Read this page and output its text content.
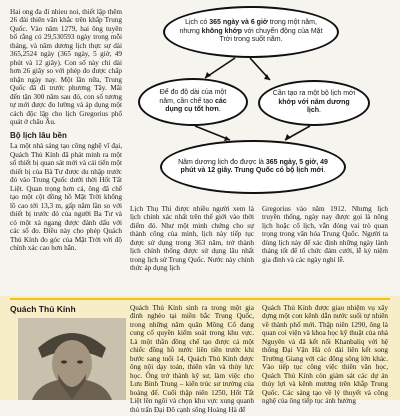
Hai ong đa đi nhieu noi, thiết lập thêm 26 đài thiên văn khắc trên khắp Trung Quốc. Vào năm 1279, hai ông tuyên bố rằng có 29,530593 ngày trong mỗi tháng, và năm dương lịch thực sự dài 365,2524 ngày (365 ngày, 5 giờ, 49 phút và 12 giây). Con số này chỉ dài hơn 26 giây so với phép đo được chấp nhận ngày nay. Một lần nữa, Trung Quốc đã đi trước phương Tây. Mãi đến tận 300 năm sau đó, con số tương tự mới được đo lường và áp dụng một cách độc lập cho lịch Gregorius phổ quát ở châu Âu.

Bộ lịch lâu bền

La một nhà sáng tạo công nghệ vĩ đại, Quách Thủ Kính đã phát minh ra một số thiết bị quan sát mới và cải tiến một thiết bị của Bà Tư được du nhập trước đó vào Trung Quốc dưới thời Hốt Tất Liệt. Quan trọng hơn cả, ông đã chế tạo một cột đồng hồ Mặt Trời khổng lồ cao tới 13,3 m, gấp năm lần so với thiết bị trước đó của người Ba Tư và có một xà ngang được đánh dấu với các số đo. Điều này cho phép Quách Thủ Kính đo góc của Mặt Trời với độ chính xác cao hơn hẳn.

Lịch có 365 ngày và 6 giờ trong một năm, nhưng không khớp với chuyển động của Mặt Trời trong suốt năm.
Để đo độ dài của một năm, cần chế tạo các dụng cụ tốt hơn.
Cần tạo ra một bộ lịch mới khớp với năm dương lịch.
Năm dương lịch đo được là 365 ngày, 5 giờ, 49 phút và 12 giây. Trung Quốc có bộ lịch mới.

Lịch Thụ Thì được nhiều người xem là lịch chính xác nhất trên thế giới vào thời điểm đó. Như một minh chứng cho sự thành công của mình, lịch này tiếp tục được sử dụng trong 363 năm, trở thành lịch chính thống được sử dụng lâu nhất trong lịch sử Trung Quốc. Nước này chính thức áp dụng lịch

Gregorius vào năm 1912. Nhưng lịch truyền thống, ngày nay được gọi là nông lịch hoặc cổ lịch, vẫn đóng vai trò quan trọng trong văn hóa Trung Quốc. Người ta dùng lịch này để xác định những ngày lành tháng tốt để tổ chức đám cưới, lễ kỷ niệm gia đình và các ngày nghỉ lễ.

Quách Thủ Kính	Quách Thủ Kính sinh ra trong một gia đình nghèo tại miền bắc Trung Quốc, trong những năm quân Mông Cổ đang cung cố quyền kiểm soát trong khu vực. Là một thần đồng chế tạo được cả một chiếc đồng hồ nước liên tiền trước khi bước sang tuổi 14, Quách Thủ Kính được ông nội dạy toán, thiên văn và thủy lực học. Ông trở thành kỹ sư, làm việc cho Lưu Bỉnh Trung – kiến trúc sư trưởng của hoàng đế. Cuối thập niên 1250, Hốt Tất Liệt lên ngôi và chọn khu vực xung quanh thủ trấn Đại Đô cạnh sông Hoàng Hà để

Quách Thủ Kính được giao nhiệm vụ xây dựng một con kênh dẫn nước suối tự nhiên về thành phố mới. Thập niên 1290, ông là quan coi viện và khoa học kỹ thuật của nhà Nguyên và đã kết nối Khanbaliq với hệ thống Đại Vận Hà có dài liên kết song Trường Giang với các đông sông lớn khác. Vào tiếp tục công việc thiên văn học, Quách Thủ Kính còn giảm sát các dự án thủy lợi và kênh mương trên khắp Trung Quốc. Các sáng tạo về lý thuyết và công nghệ của ông tiếp tục ảnh hưởng
